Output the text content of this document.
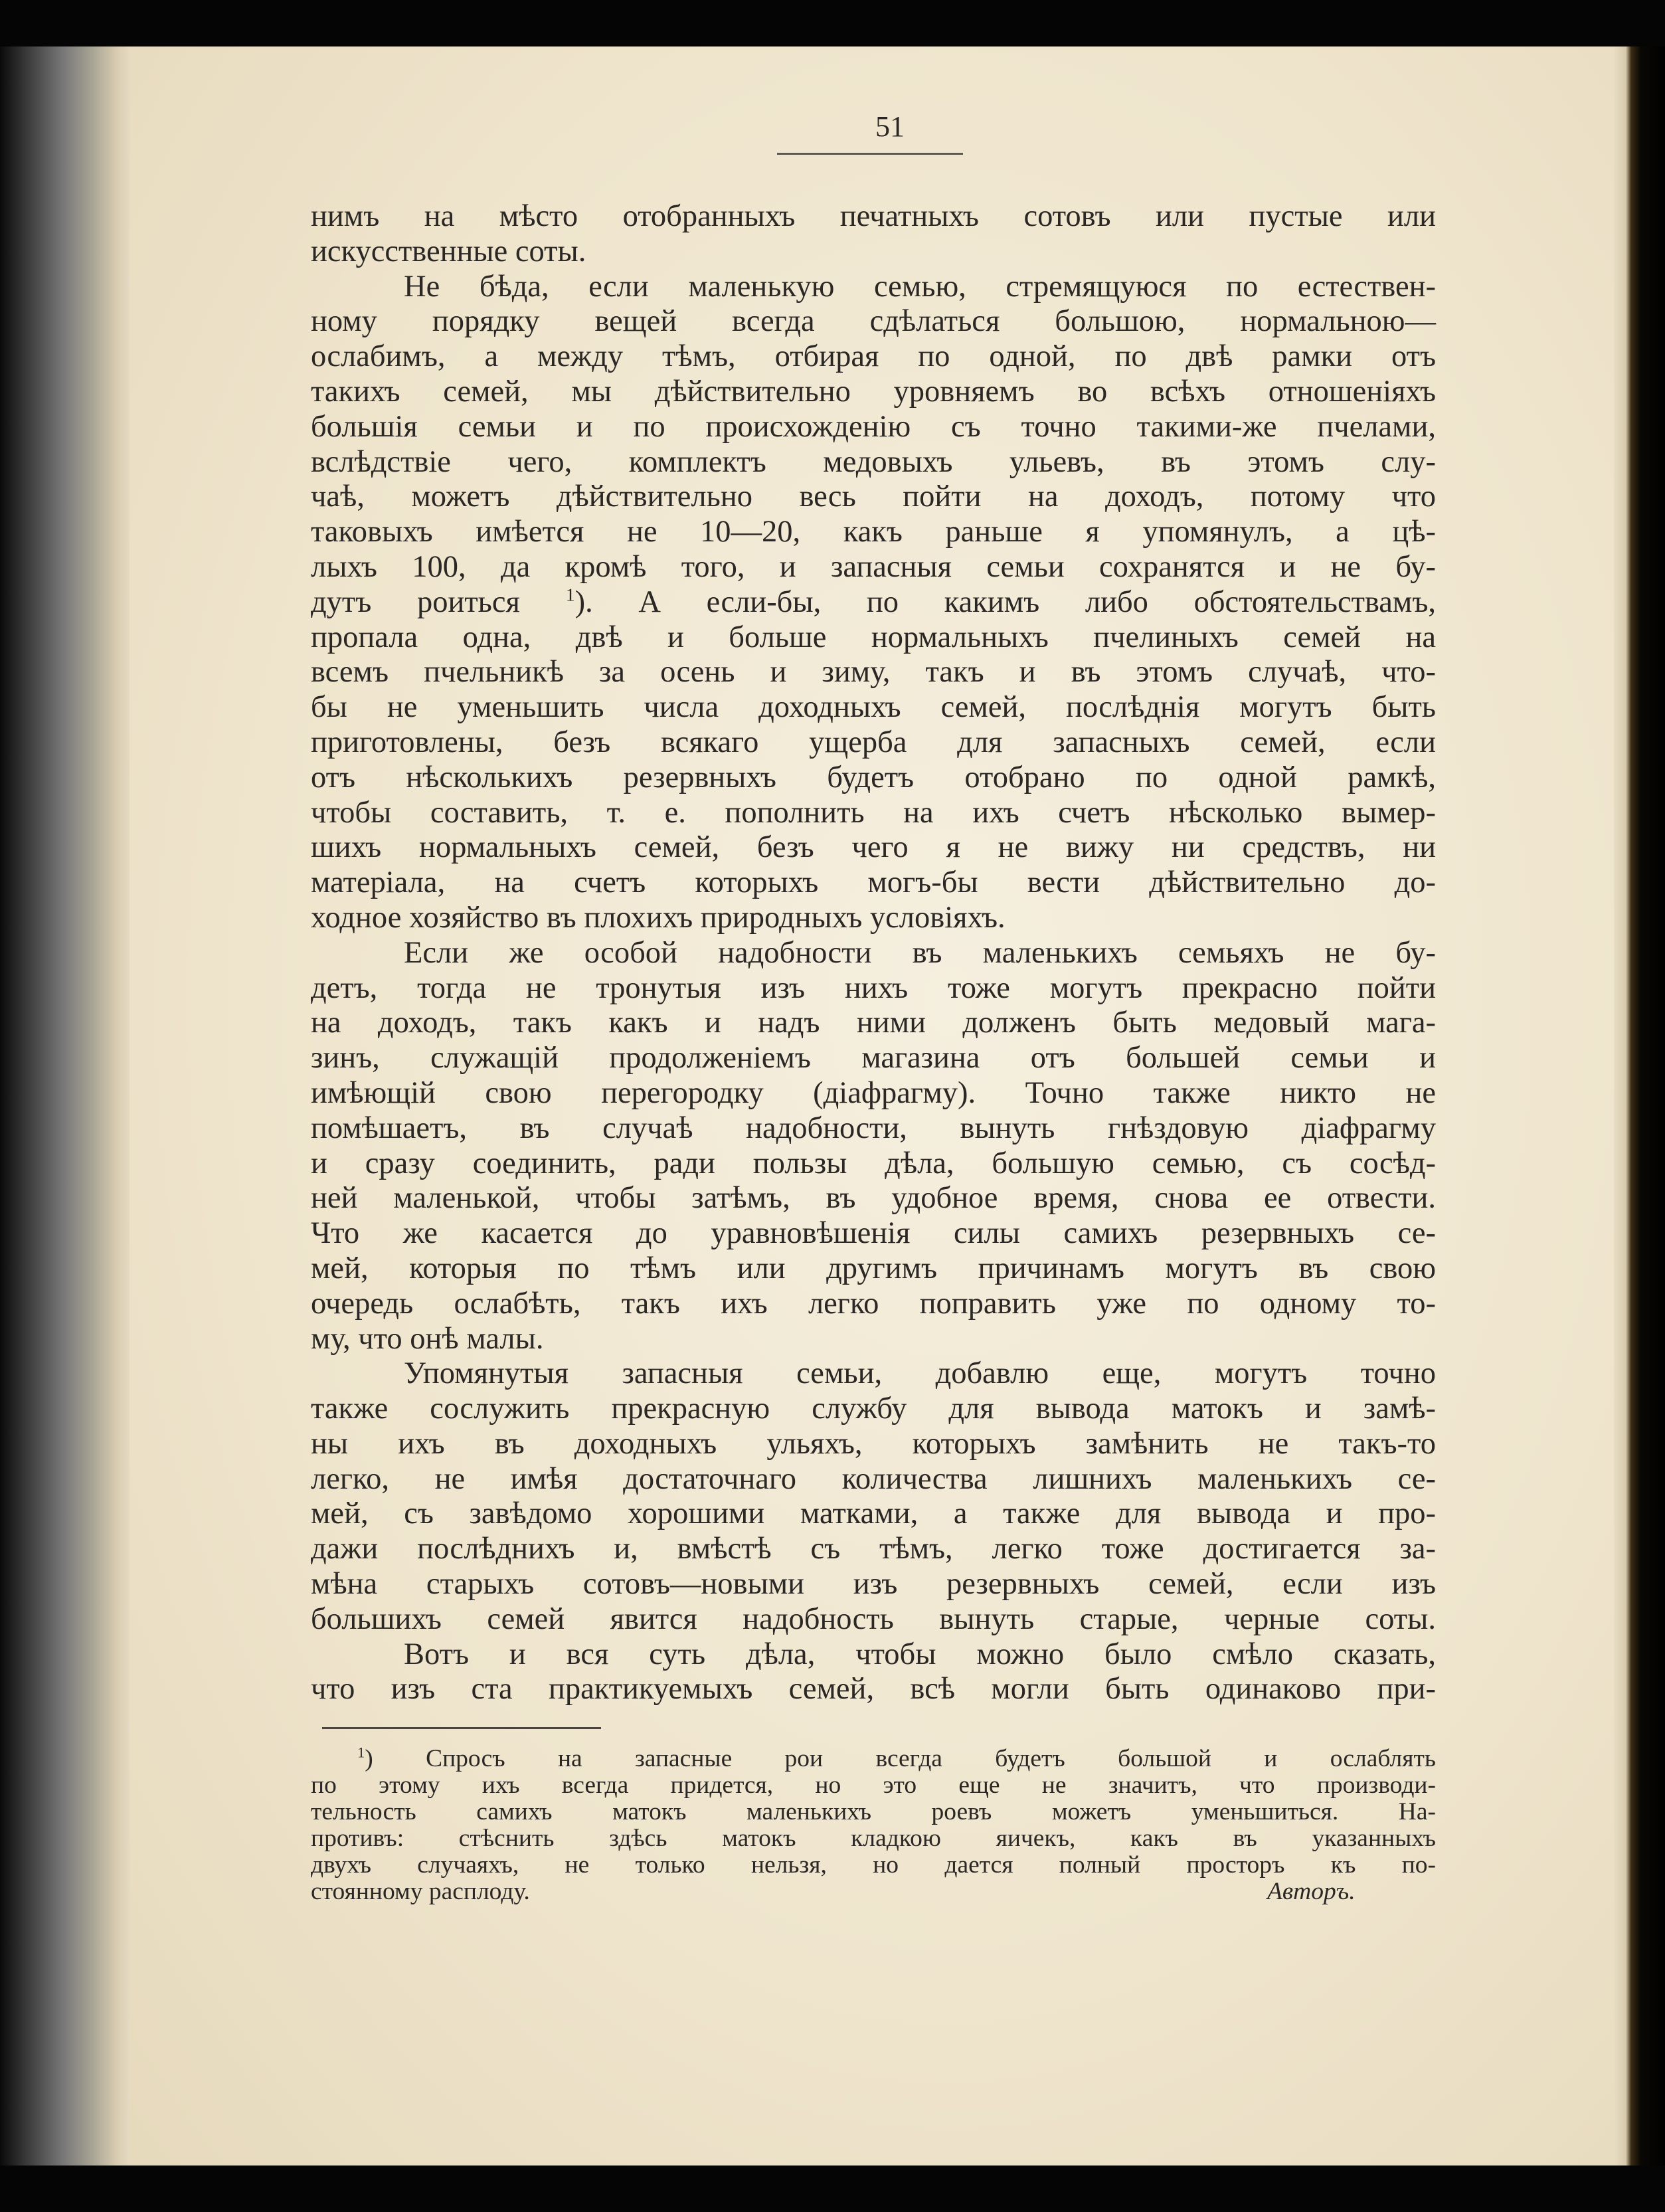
51
нимъ на мѣсто отобранныхъ печатныхъ сотовъ или пустые или
искусственные соты.
Не бѣда, если маленькую семью, стремящуюся по естествен-
ному порядку вещей всегда сдѣлаться большою, нормальною—
ослабимъ, а между тѣмъ, отбирая по одной, по двѣ рамки отъ
такихъ семей, мы дѣйствительно уровняемъ во всѣхъ отношеніяхъ
большія семьи и по происхожденію съ точно такими-же пчелами,
вслѣдствіе чего, комплектъ медовыхъ ульевъ, въ этомъ слу-
чаѣ, можетъ дѣйствительно весь пойти на доходъ, потому что
таковыхъ имѣется не 10—20, какъ раньше я упомянулъ, а цѣ-
лыхъ 100, да кромѣ того, и запасныя семьи сохранятся и не бу-
дутъ роиться $^1$). А если-бы, по какимъ либо обстоятельствамъ,
пропала одна, двѣ и больше нормальныхъ пчелиныхъ семей на
всемъ пчельникѣ за осень и зиму, такъ и въ этомъ случаѣ, что-
бы не уменьшить числа доходныхъ семей, послѣднія могутъ быть
приготовлены, безъ всякаго ущерба для запасныхъ семей, если
отъ нѣсколькихъ резервныхъ будетъ отобрано по одной рамкѣ,
чтобы составить, т. е. пополнить на ихъ счетъ нѣсколько вымер-
шихъ нормальныхъ семей, безъ чего я не вижу ни средствъ, ни
матеріала, на счетъ которыхъ могъ-бы вести дѣйствительно до-
ходное хозяйство въ плохихъ природныхъ условіяхъ.
Если же особой надобности въ маленькихъ семьяхъ не бу-
детъ, тогда не тронутыя изъ нихъ тоже могутъ прекрасно пойти
на доходъ, такъ какъ и надъ ними долженъ быть медовый мага-
зинъ, служащій продолженіемъ магазина отъ большей семьи и
имѣющій свою перегородку (діафрагму). Точно также никто не
помѣшаетъ, въ случаѣ надобности, вынуть гнѣздовую діафрагму
и сразу соединить, ради пользы дѣла, большую семью, съ сосѣд-
ней маленькой, чтобы затѣмъ, въ удобное время, снова ее отвести.
Что же касается до уравновѣшенія силы самихъ резервныхъ се-
мей, которыя по тѣмъ или другимъ причинамъ могутъ въ свою
очередь ослабѣть, такъ ихъ легко поправить уже по одному то-
му, что онѣ малы.
Упомянутыя запасныя семьи, добавлю еще, могутъ точно
также сослужить прекрасную службу для вывода матокъ и замѣ-
ны ихъ въ доходныхъ ульяхъ, которыхъ замѣнить не такъ-то
легко, не имѣя достаточнаго количества лишнихъ маленькихъ се-
мей, съ завѣдомо хорошими матками, а также для вывода и про-
дажи послѣднихъ и, вмѣстѣ съ тѣмъ, легко тоже достигается за-
мѣна старыхъ сотовъ—новыми изъ резервныхъ семей, если изъ
большихъ семей явится надобность вынуть старые, черные соты.
Вотъ и вся суть дѣла, чтобы можно было смѣло сказать,
что изъ ста практикуемыхъ семей, всѣ могли быть одинаково при-
$^1$) Спросъ на запасные рои всегда будетъ большой и ослаблять
по этому ихъ всегда придется, но это еще не значитъ, что производи-
тельность самихъ матокъ маленькихъ роевъ можетъ уменьшиться. На-
противъ: стѣснить здѣсь матокъ кладкою яичекъ, какъ въ указанныхъ
двухъ случаяхъ, не только нельзя, но дается полный просторъ къ по-
стоянному расплоду.	Авторъ.
